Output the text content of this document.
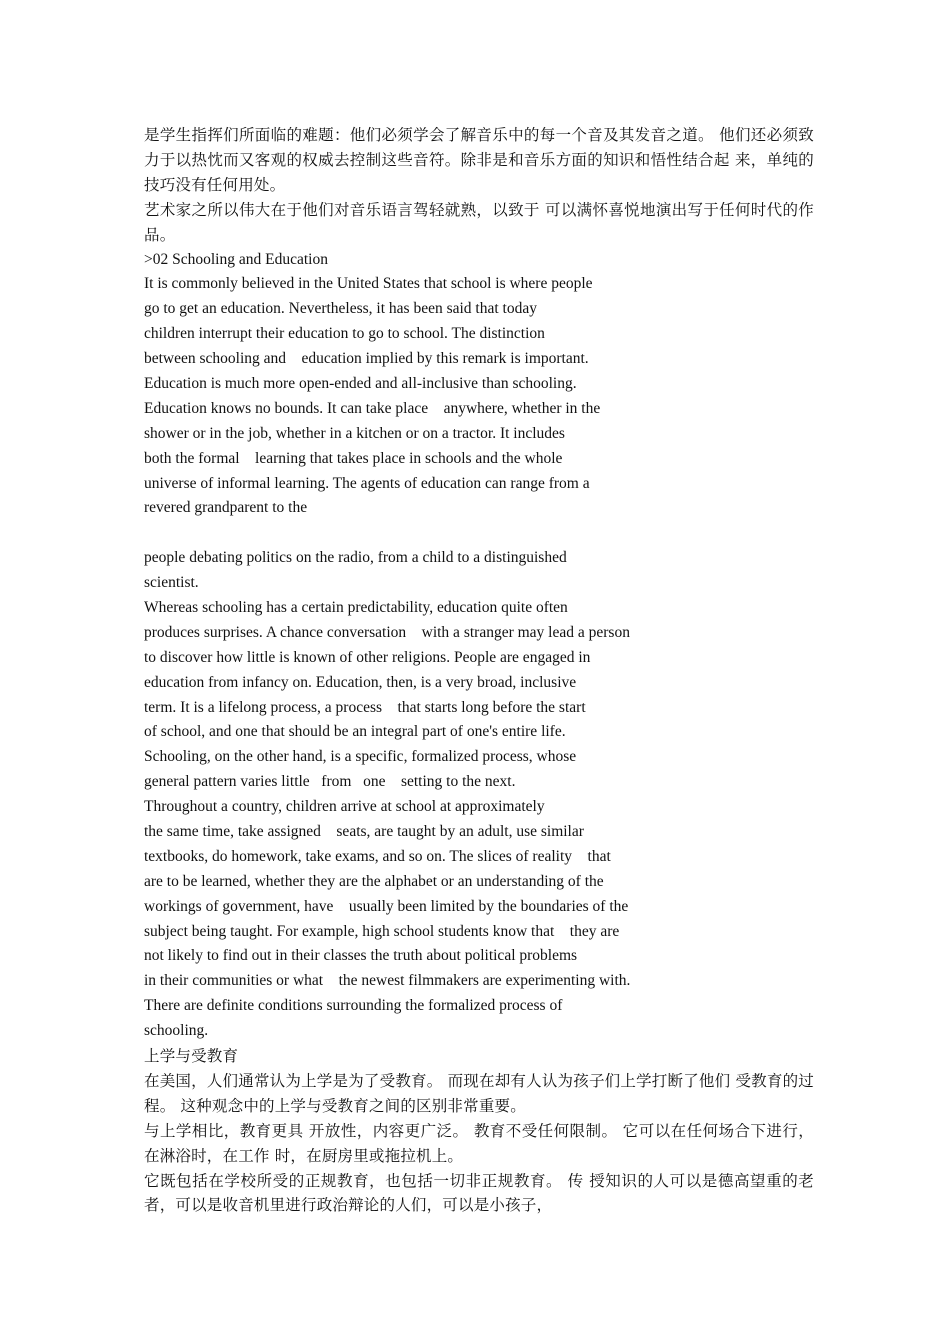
是学生指挥们所面临的难题：他们必须学会了解音乐中的每一个音及其发音之道。 他们还必须致力于以热忱而又客观的权威去控制这些音符。除非是和音乐方面的知识和悟性结合起 来，单纯的技巧没有任何用处。

艺术家之所以伟大在于他们对音乐语言驾轻就熟，以致于 可以满怀喜悦地演出写于任何时代的作品。

>02 Schooling and Education
It is commonly believed in the United States that school is where people
go to get an education. Nevertheless, it has been said that today
children interrupt their education to go to school. The distinction
between schooling and    education implied by this remark is important.
Education is much more open-ended and all-inclusive than schooling.
Education knows no bounds. It can take place    anywhere, whether in the
shower or in the job, whether in a kitchen or on a tractor. It includes
both the formal    learning that takes place in schools and the whole
universe of informal learning. The agents of education can range from a
revered grandparent to the
people debating politics on the radio, from a child to a distinguished
scientist.
Whereas schooling has a certain predictability, education quite often
produces surprises. A chance conversation    with a stranger may lead a person
to discover how little is known of other religions. People are engaged in
education from infancy on. Education, then, is a very broad, inclusive
term. It is a lifelong process, a process    that starts long before the start
of school, and one that should be an integral part of one's entire life.
Schooling, on the other hand, is a specific, formalized process, whose
general pattern varies little   from   one    setting to the next.
Throughout a country, children arrive at school at approximately
the same time, take assigned    seats, are taught by an adult, use similar
textbooks, do homework, take exams, and so on. The slices of reality    that
are to be learned, whether they are the alphabet or an understanding of the
workings of government, have    usually been limited by the boundaries of the
subject being taught. For example, high school students know that    they are
not likely to find out in their classes the truth about political problems
in their communities or what    the newest filmmakers are experimenting with.
There are definite conditions surrounding the formalized process of
schooling.
上学与受教育

在美国，人们通常认为上学是为了受教育。 而现在却有人认为孩子们上学打断了他们 受教育的过程。 这种观念中的上学与受教育之间的区别非常重要。

与上学相比，教育更具 开放性，内容更广泛。 教育不受任何限制。 它可以在任何场合下进行，在淋浴时，在工作 时，在厨房里或拖拉机上。

它既包括在学校所受的正规教育，也包括一切非正规教育。 传 授知识的人可以是德高望重的老者，可以是收音机里进行政治辩论的人们，可以是小孩子，
